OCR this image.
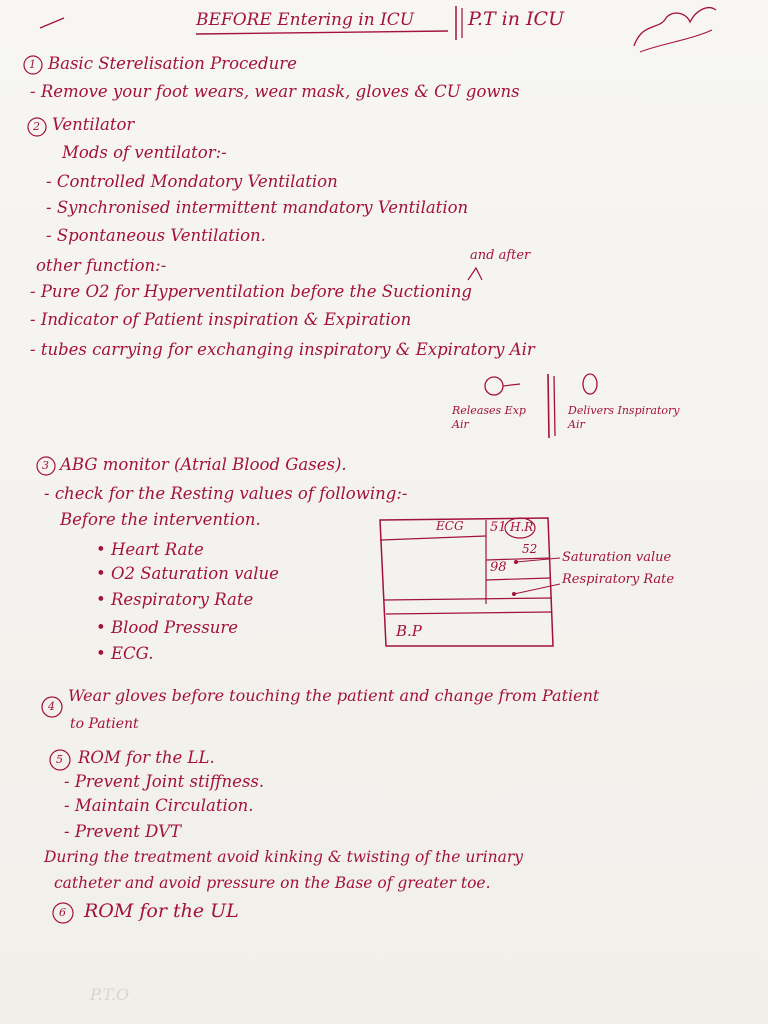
P.T.O
BEFORE Entering in ICU	P.T in ICU
1 Basic Sterelisation Procedure
- Remove your foot wears, wear mask, gloves & CU gowns
2 Ventilator
Mods of ventilator:-
- Controlled Mondatory Ventilation
- Synchronised intermittent mandatory Ventilation
- Spontaneous Ventilation.
other function:-
and after
- Pure O2 for Hyperventilation before the Suctioning
- Indicator of Patient inspiration & Expiration
- tubes carrying for exchanging inspiratory & Expiratory Air
Releases Exp Air
Delivers Inspiratory Air
3 ABG monitor (Atrial Blood Gases).
- check for the Resting values of following:-
Before the intervention.
• Heart Rate
• O2 Saturation value
• Respiratory Rate
• Blood Pressure
• ECG.
ECG 51 H.R
52
98
B.P
Saturation value
Respiratory Rate
4
Wear gloves before touching the patient and change from Patient
to Patient
5 ROM for the LL.
- Prevent Joint stiffness.
- Maintain Circulation.
- Prevent DVT
During the treatment avoid kinking & twisting of the urinary
catheter and avoid pressure on the Base of greater toe.
6 ROM for the UL
